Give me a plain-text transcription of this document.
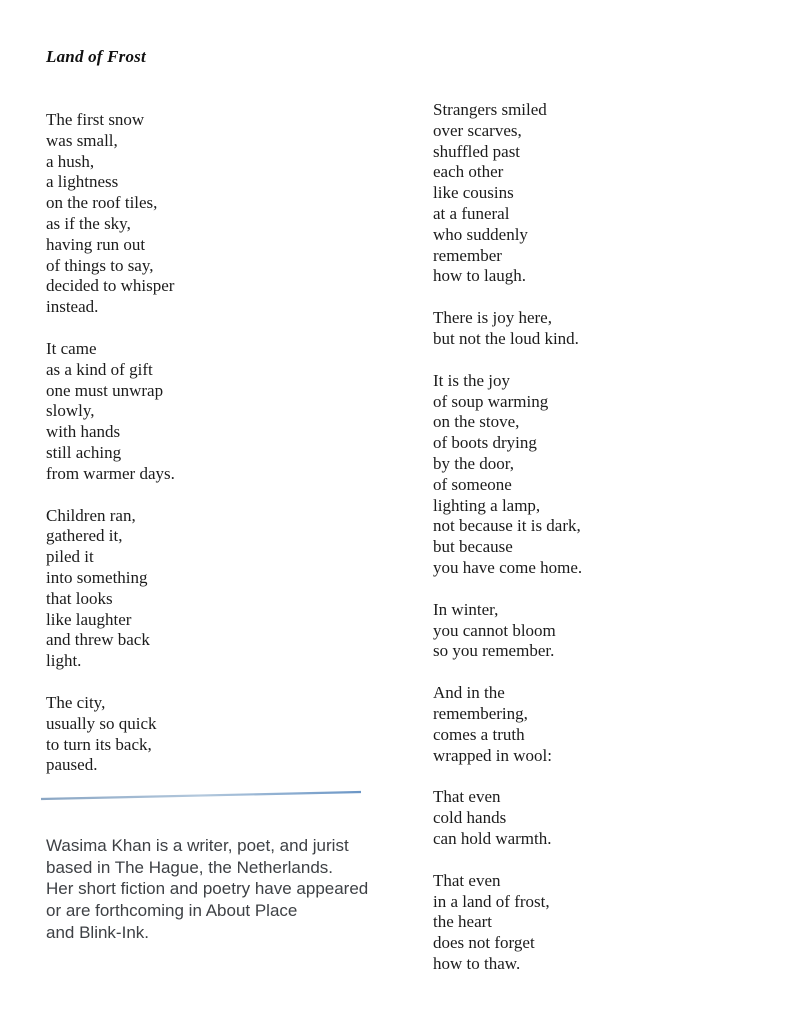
Land of Frost
The first snow
was small,
a hush,
a lightness
on the roof tiles,
as if the sky,
having run out
of things to say,
decided to whisper
instead.
It came
as a kind of gift
one must unwrap
slowly,
with hands
still aching
from warmer days.
Children ran,
gathered it,
piled it
into something
that looks
like laughter
and threw back
light.
The city,
usually so quick
to turn its back,
paused.
Strangers smiled
over scarves,
shuffled past
each other
like cousins
at a funeral
who suddenly
remember
how to laugh.
There is joy here,
but not the loud kind.
It is the joy
of soup warming
on the stove,
of boots drying
by the door,
of someone
lighting a lamp,
not because it is dark,
but because
you have come home.
In winter,
you cannot bloom
so you remember.
And in the
remembering,
comes a truth
wrapped in wool:
That even
cold hands
can hold warmth.
That even
in a land of frost,
the heart
does not forget
how to thaw.
Wasima Khan is a writer, poet, and jurist
based in The Hague, the Netherlands.
Her short fiction and poetry have appeared
or are forthcoming in About Place
and Blink-Ink.
